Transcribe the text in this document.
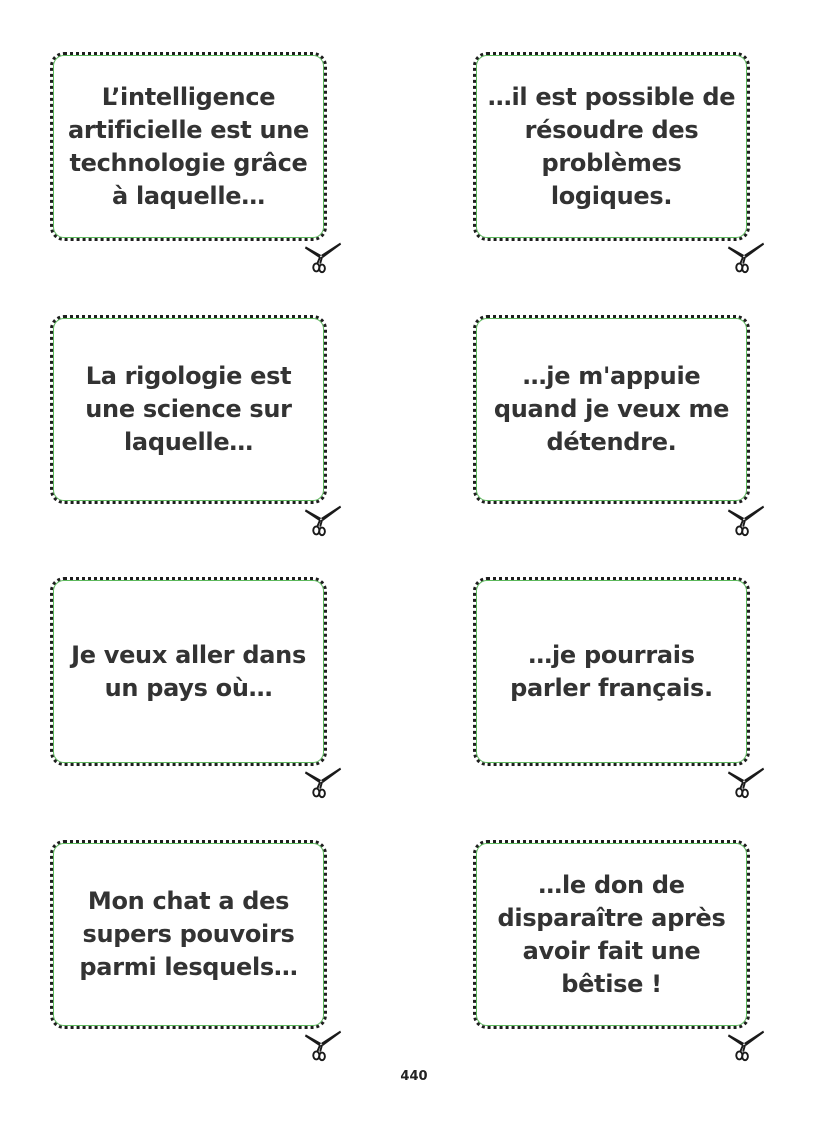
L’intelligence artificielle est une technologie grâce à laquelle…
…il est possible de résoudre des problèmes logiques.
La rigologie est une science sur laquelle…
…je m'appuie quand je veux me détendre.
Je veux aller dans un pays où…
…je pourrais parler français.
Mon chat a des supers pouvoirs parmi lesquels…
…le don de disparaître après avoir fait une bêtise !
440
